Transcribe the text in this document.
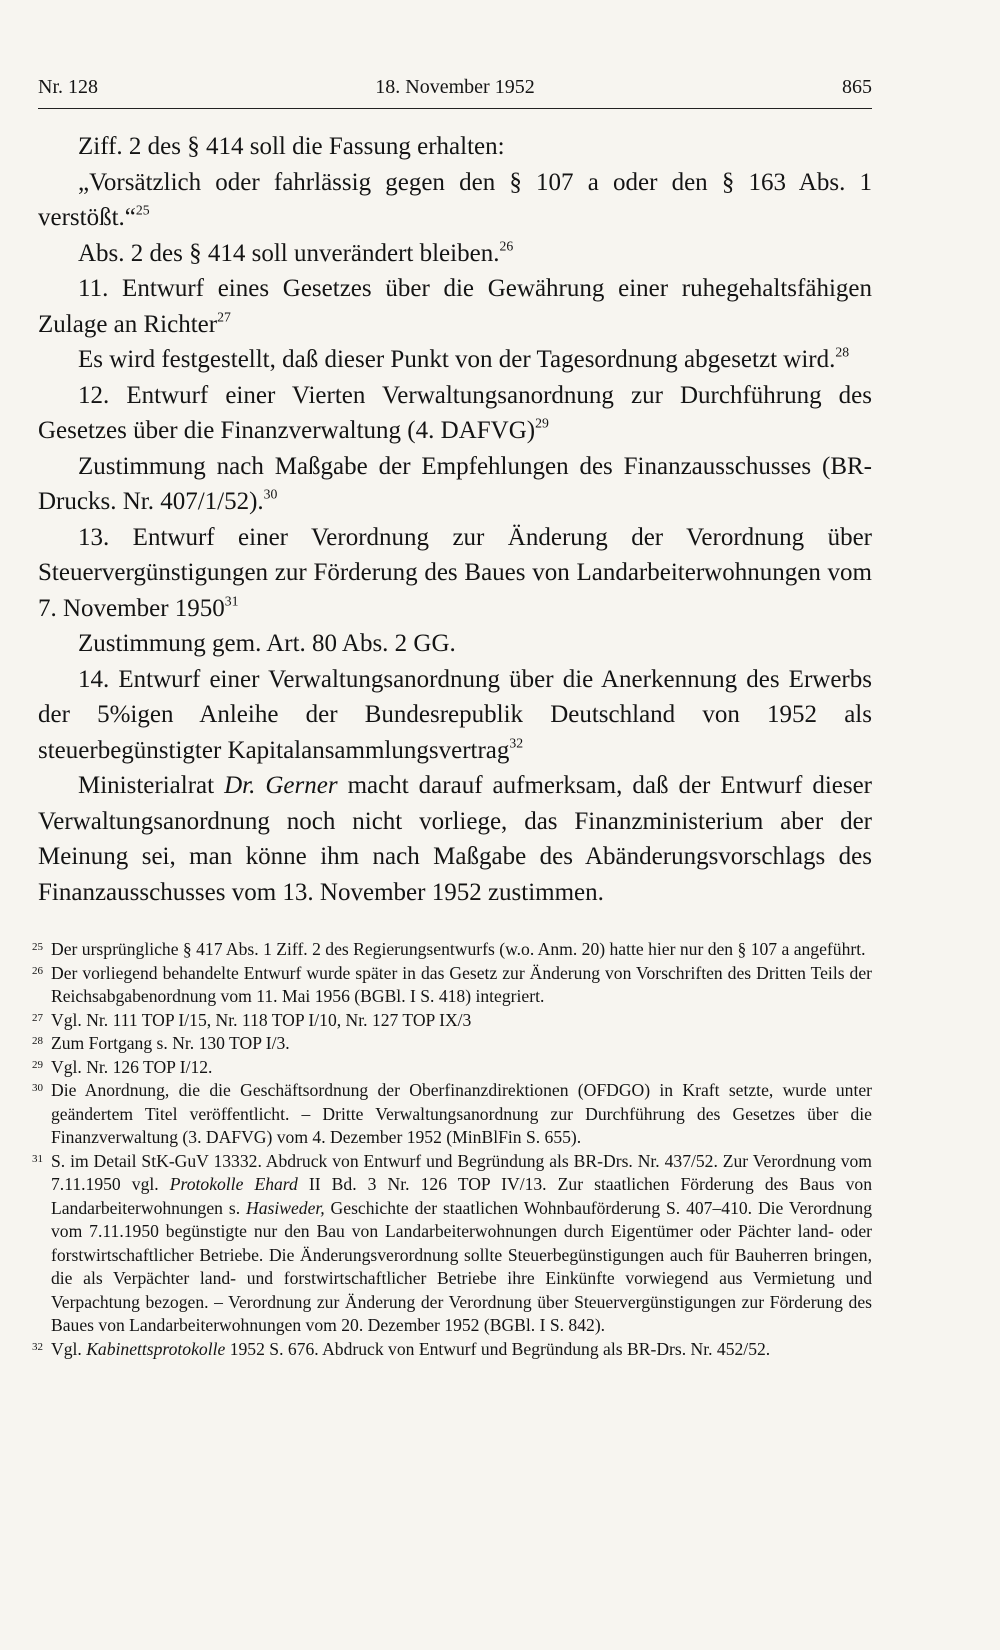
Nr. 128	18. November 1952	865

Ziff. 2 des § 414 soll die Fassung erhalten:

„Vorsätzlich oder fahrlässig gegen den § 107 a oder den § 163 Abs. 1 verstößt.“$^{25}$

Abs. 2 des § 414 soll unverändert bleiben.$^{26}$

11. Entwurf eines Gesetzes über die Gewährung einer ruhegehaltsfähigen Zulage an Richter$^{27}$

Es wird festgestellt, daß dieser Punkt von der Tagesordnung abgesetzt wird.$^{28}$

12. Entwurf einer Vierten Verwaltungsanordnung zur Durchführung des Gesetzes über die Finanzverwaltung (4. DAFVG)$^{29}$

Zustimmung nach Maßgabe der Empfehlungen des Finanzausschusses (BR-Drucks. Nr. 407/1/52).$^{30}$

13. Entwurf einer Verordnung zur Änderung der Verordnung über Steuervergünstigungen zur Förderung des Baues von Landarbeiterwohnungen vom 7. November 1950$^{31}$

Zustimmung gem. Art. 80 Abs. 2 GG.

14. Entwurf einer Verwaltungsanordnung über die Anerkennung des Erwerbs der 5%igen Anleihe der Bundesrepublik Deutschland von 1952 als steuerbegünstigter Kapitalansammlungsvertrag$^{32}$

Ministerialrat Dr. Gerner macht darauf aufmerksam, daß der Entwurf dieser Verwaltungsanordnung noch nicht vorliege, das Finanzministerium aber der Meinung sei, man könne ihm nach Maßgabe des Abänderungsvorschlags des Finanzausschusses vom 13. November 1952 zustimmen.

25 Der ursprüngliche § 417 Abs. 1 Ziff. 2 des Regierungsentwurfs (w.o. Anm. 20) hatte hier nur den § 107 a angeführt.

26 Der vorliegend behandelte Entwurf wurde später in das Gesetz zur Änderung von Vorschriften des Dritten Teils der Reichsabgabenordnung vom 11. Mai 1956 (BGBl. I S. 418) integriert.

27 Vgl. Nr. 111 TOP I/15, Nr. 118 TOP I/10, Nr. 127 TOP IX/3

28 Zum Fortgang s. Nr. 130 TOP I/3.

29 Vgl. Nr. 126 TOP I/12.

30 Die Anordnung, die die Geschäftsordnung der Oberfinanzdirektionen (OFDGO) in Kraft setzte, wurde unter geändertem Titel veröffentlicht. – Dritte Verwaltungsanordnung zur Durchführung des Gesetzes über die Finanzverwaltung (3. DAFVG) vom 4. Dezember 1952 (MinBlFin S. 655).

31 S. im Detail StK-GuV 13332. Abdruck von Entwurf und Begründung als BR-Drs. Nr. 437/52. Zur Verordnung vom 7.11.1950 vgl. Protokolle Ehard II Bd. 3 Nr. 126 TOP IV/13. Zur staatlichen Förderung des Baus von Landarbeiterwohnungen s. Hasiweder, Geschichte der staatlichen Wohnbauförderung S. 407–410. Die Verordnung vom 7.11.1950 begünstigte nur den Bau von Landarbeiterwohnungen durch Eigentümer oder Pächter land- oder forstwirtschaftlicher Betriebe. Die Änderungsverordnung sollte Steuerbegünstigungen auch für Bauherren bringen, die als Verpächter land- und forstwirtschaftlicher Betriebe ihre Einkünfte vorwiegend aus Vermietung und Verpachtung bezogen. – Verordnung zur Änderung der Verordnung über Steuervergünstigungen zur Förderung des Baues von Landarbeiterwohnungen vom 20. Dezember 1952 (BGBl. I S. 842).

32 Vgl. Kabinettsprotokolle 1952 S. 676. Abdruck von Entwurf und Begründung als BR-Drs. Nr. 452/52.
